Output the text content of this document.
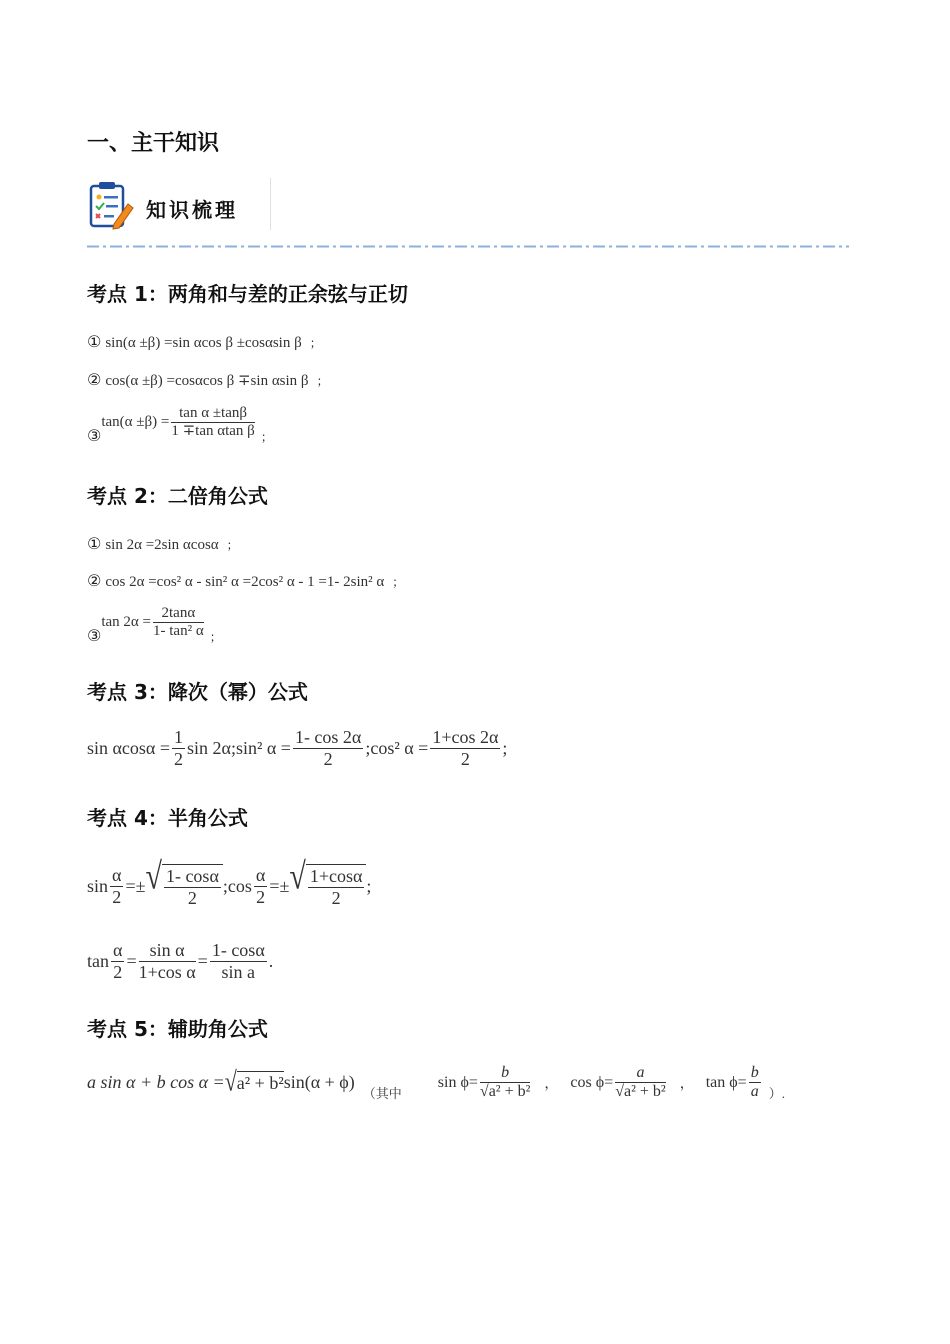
一、主干知识
知识梳理
考点 1：两角和与差的正余弦与正切
① sin(α ±β) =sin αcos β ±cosαsin β ；
② cos(α ±β) =cosαcos β ∓sin αsin β ；
③
$\tan(\alpha \pm\beta) = \frac{\text{tan α ±tanβ}}{\text{1 ∓tan αtan β}}$ ；
考点 2：二倍角公式
① sin 2α =2sin αcosα ；
② cos 2α =cos² α - sin² α =2cos² α - 1 =1- 2sin² α ；
③
$\tan 2\alpha = \frac{2\tan\alpha}{\text{1- tan² α}}$ ；
考点 3：降次（幂）公式
$\sin \alpha\cos\alpha = \frac{1}{2}$ sin 2α;sin² $\alpha = \frac{1- \cos 2\alpha}{2}$ ;cos² $\alpha = \frac{1+\cos 2\alpha}{2}$ ;
考点 4：半角公式
$\sin \frac{\alpha}{2}$ =± √ $\frac{1- \cos\alpha}{2}$ ;cos $\frac{\alpha}{2}$ =± √ $\frac{1+\cos\alpha}{2}$ ;
$\tan \frac{\alpha}{2} = \frac{\text{sin α}}{\text{1+cos α}} = \frac{1- \cos\alpha}{\text{sin a}}$ .
考点 5：辅助角公式
a sin α + b cos α = √ a² + b² sin(α + ϕ)
（其中
$\sin \phi= \frac{b}{\text{√a² + b²}}$ ， $\cos \phi= \frac{a}{\text{√a² + b²}}$ ， $\tan \phi= \frac{b}{a}$ ）.
